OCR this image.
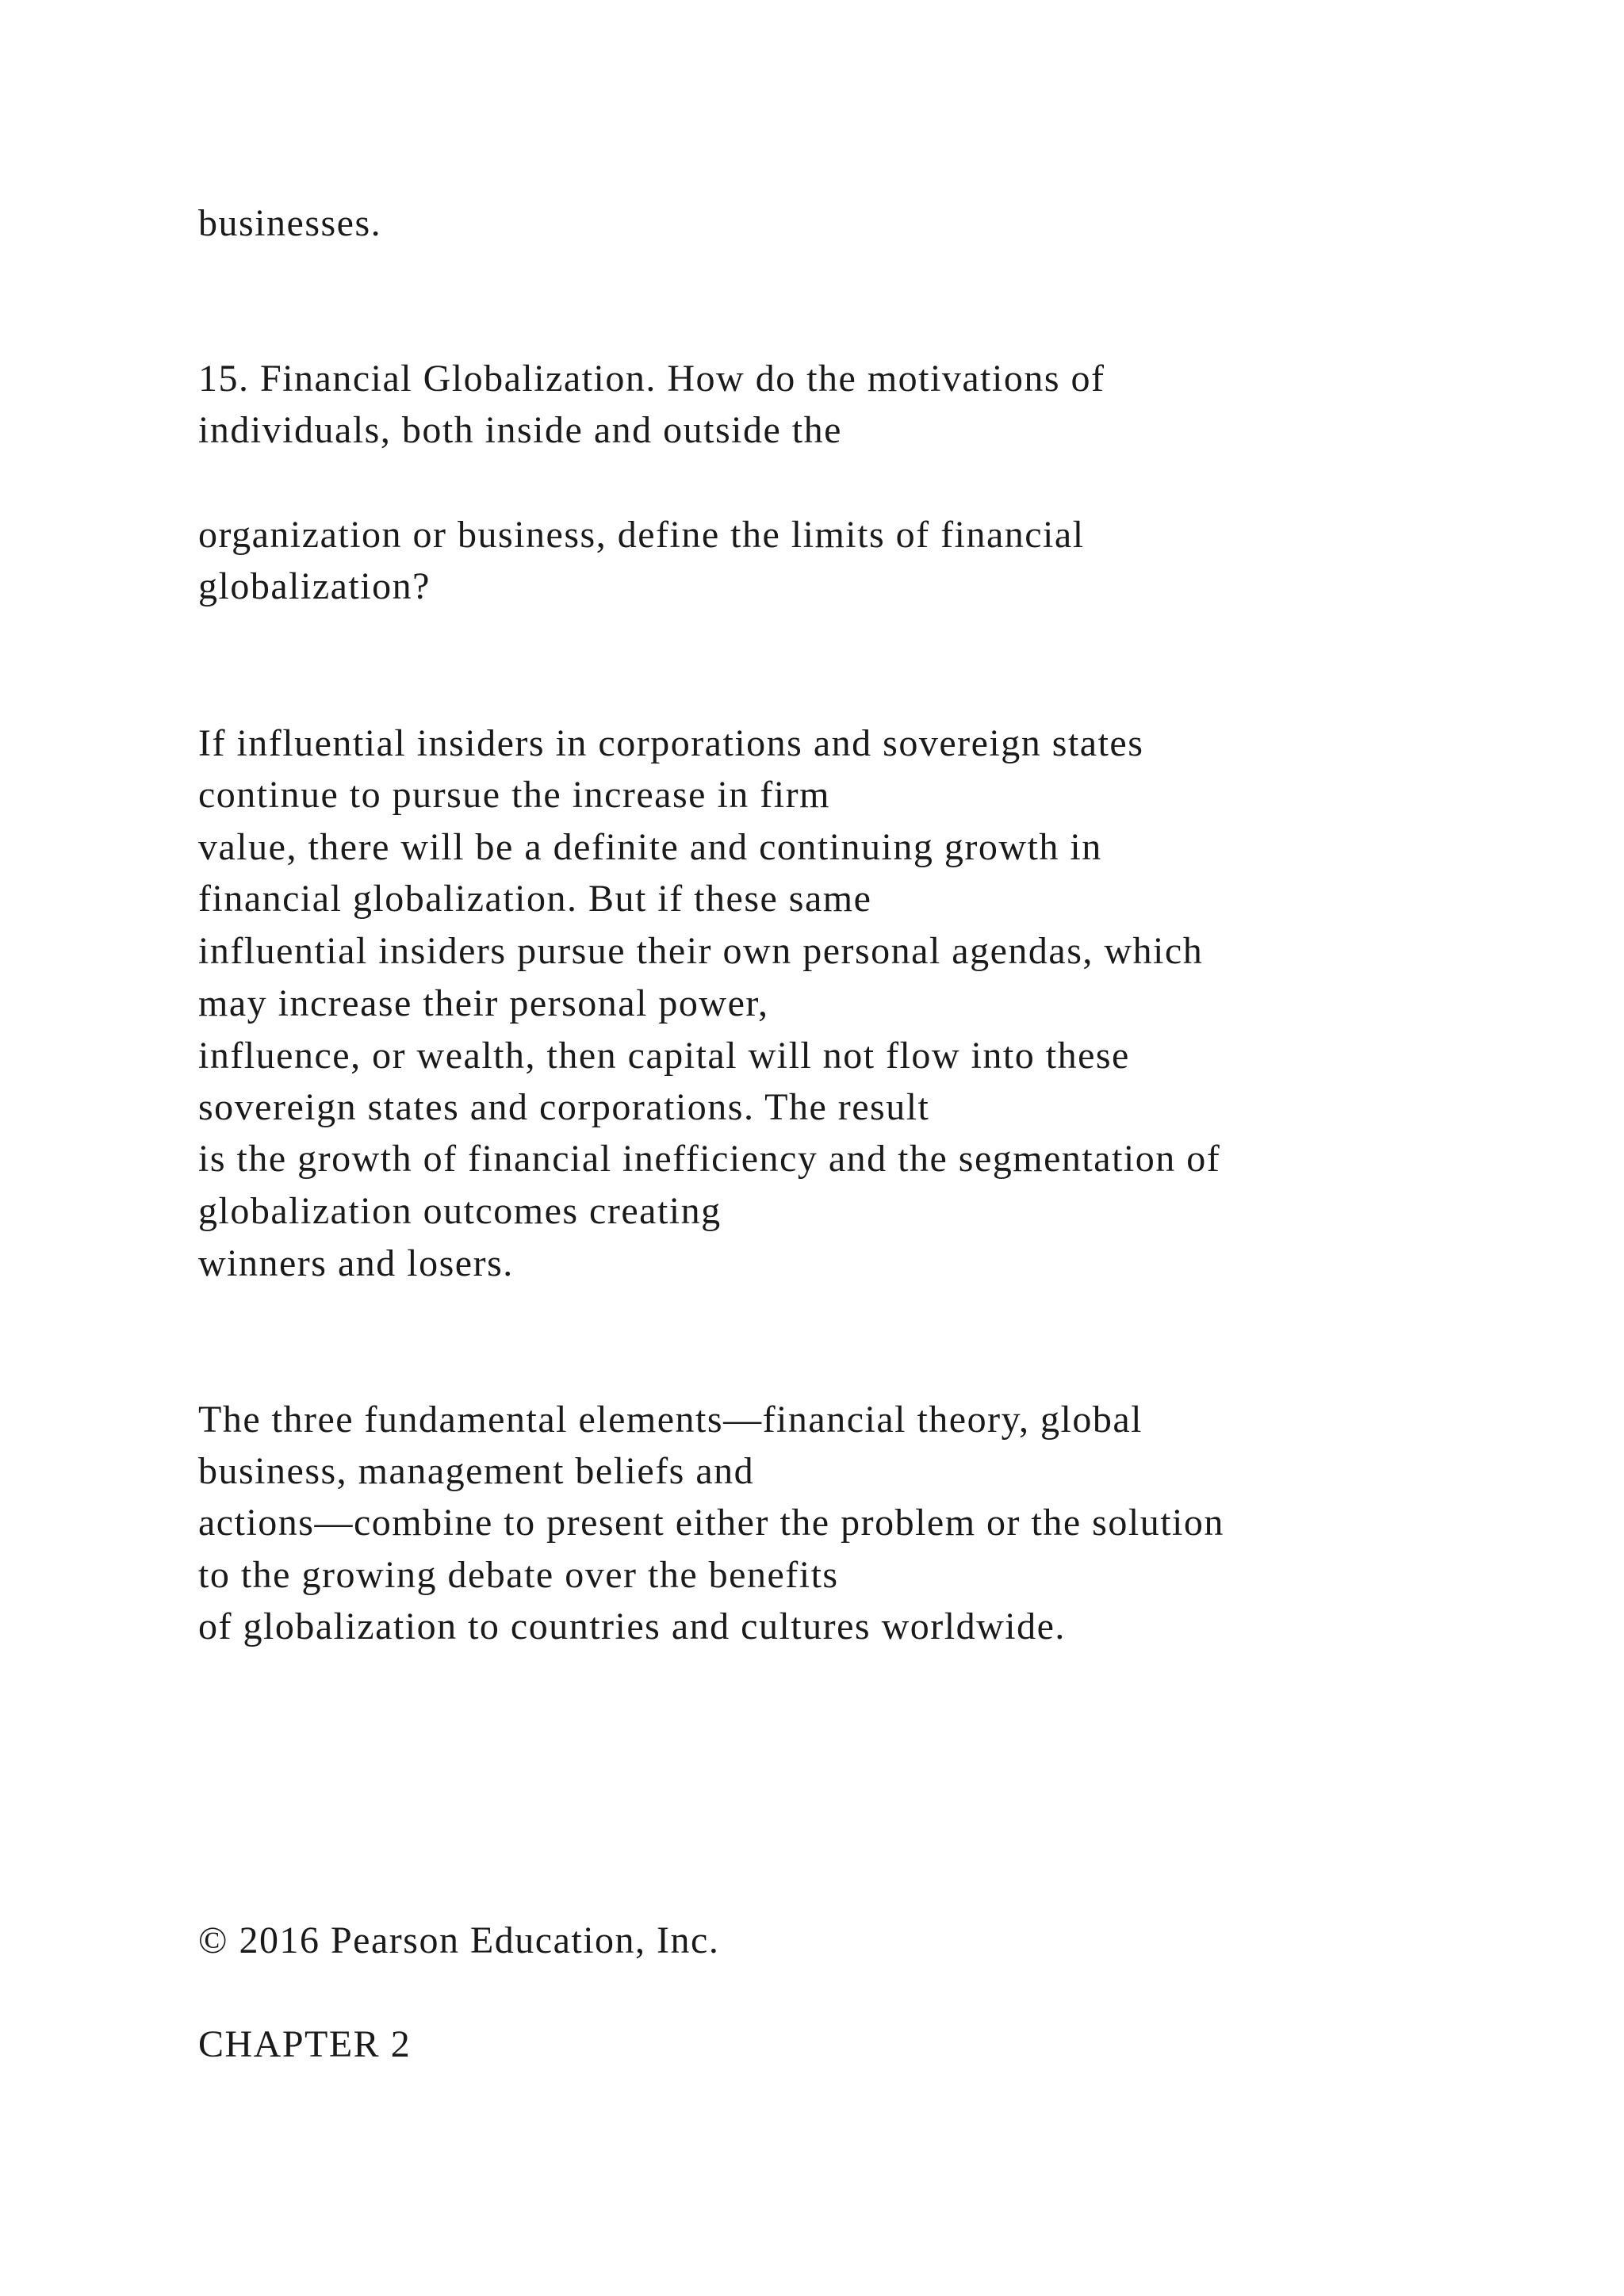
businesses.
15. Financial Globalization. How do the motivations of
individuals, both inside and outside the
organization or business, define the limits of financial
globalization?
If influential insiders in corporations and sovereign states
continue to pursue the increase in firm
value, there will be a definite and continuing growth in
financial globalization. But if these same
influential insiders pursue their own personal agendas, which
may increase their personal power,
influence, or wealth, then capital will not flow into these
sovereign states and corporations. The result
is the growth of financial inefficiency and the segmentation of
globalization outcomes creating
winners and losers.
The three fundamental elements—financial theory, global
business, management beliefs and
actions—combine to present either the problem or the solution
to the growing debate over the benefits
of globalization to countries and cultures worldwide.
© 2016 Pearson Education, Inc.
CHAPTER 2
